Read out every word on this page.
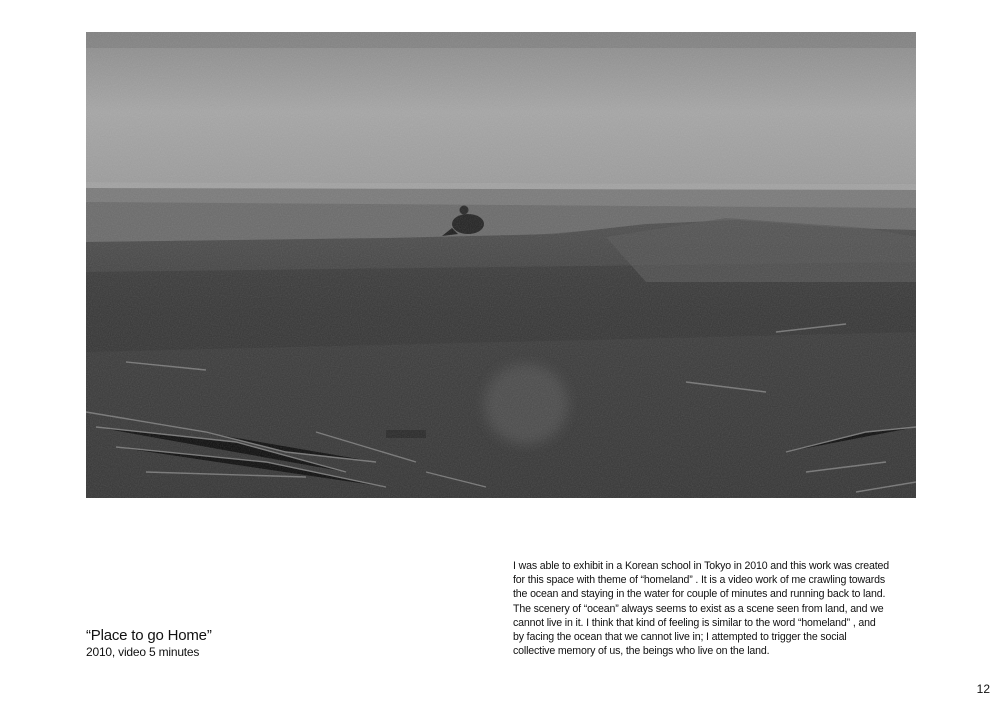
“Place to go Home”
2010, video 5 minutes
I was able to exhibit in a Korean school in Tokyo in 2010 and this work was created
for this space with theme of “homeland” . It is a video work of me crawling towards
the ocean and staying in the water for couple of minutes and running back to land.
The scenery of “ocean” always seems to exist as a scene seen from land, and we
cannot live in it. I think that kind of feeling is similar to the word “homeland” , and
by facing the ocean that we cannot live in; I attempted to trigger the social
collective memory of us, the beings who live on the land.
12
